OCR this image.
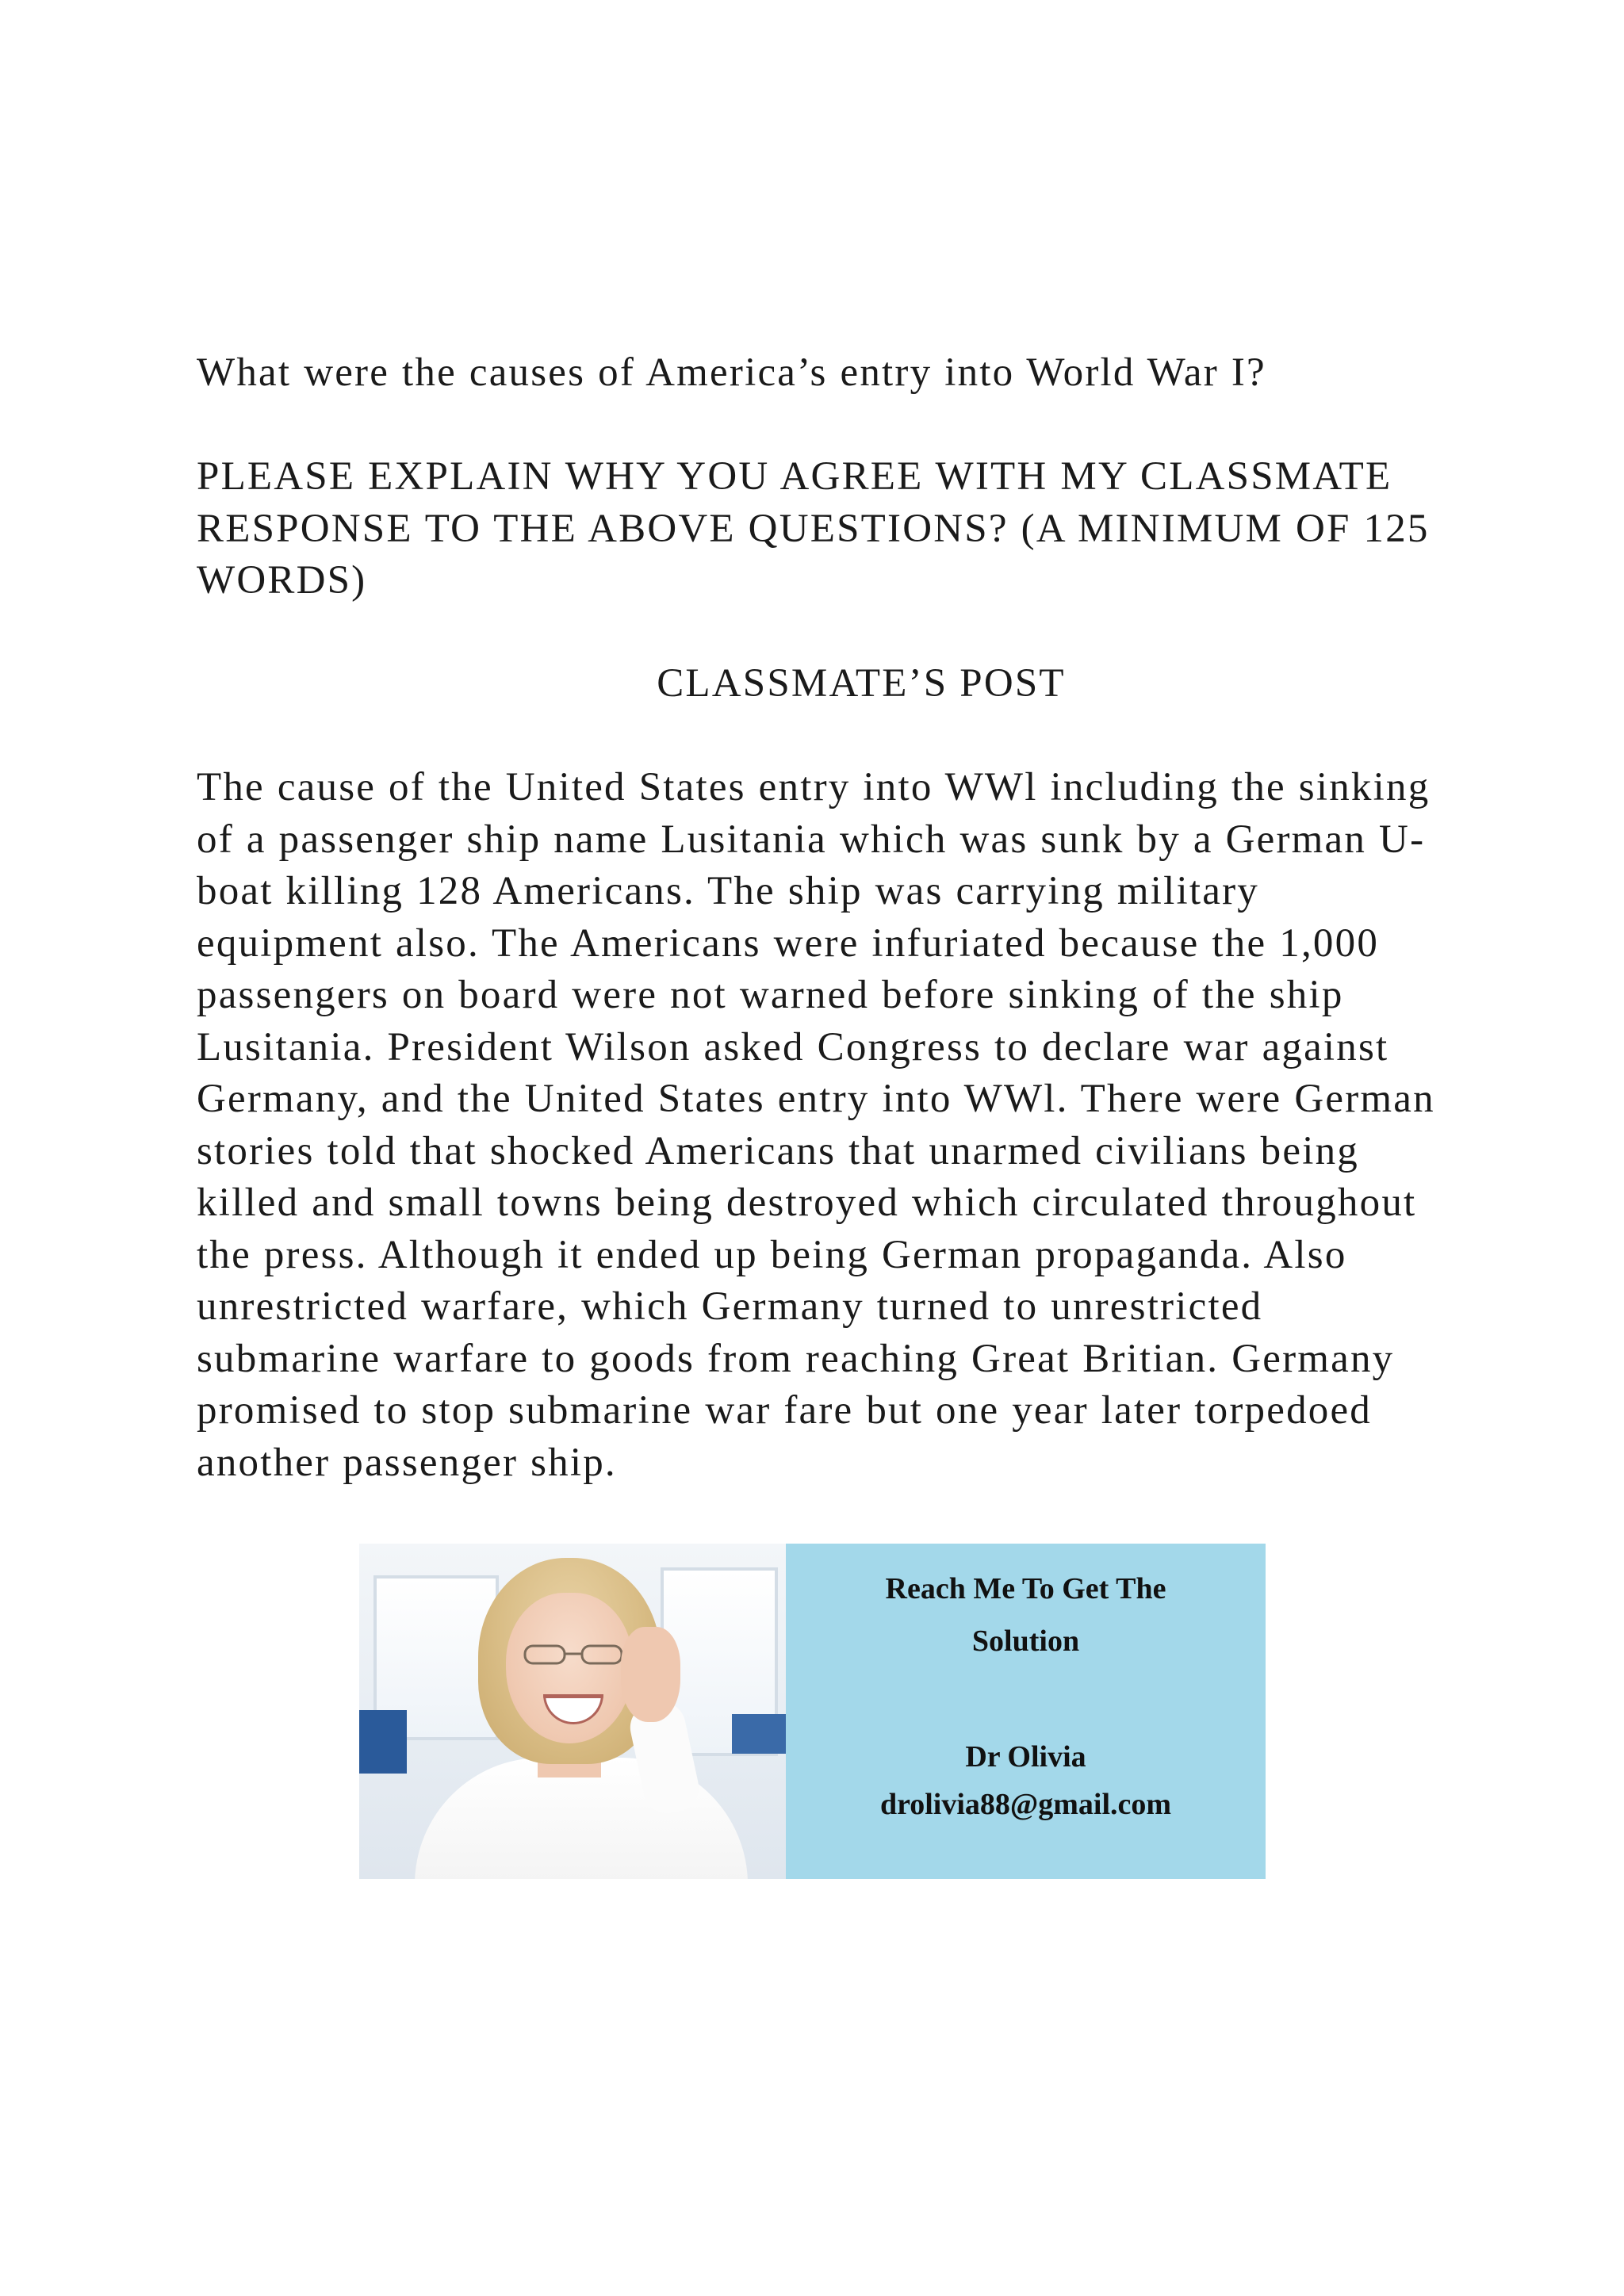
What were the causes of America’s entry into World War I?
PLEASE EXPLAIN WHY YOU AGREE WITH MY CLASSMATE RESPONSE TO THE ABOVE QUESTIONS? (A MINIMUM OF 125 WORDS)
CLASSMATE’S POST

The cause of the United States entry into WWl including the sinking of a passenger ship name Lusitania which was sunk by a German U-boat killing 128 Americans. The ship was carrying military equipment also. The Americans were infuriated because the 1,000 passengers on board were not warned before sinking of the ship Lusitania. President Wilson asked Congress to declare war against Germany, and the United States entry into WWl. There were German stories told that shocked Americans that unarmed civilians being killed and small towns being destroyed which circulated throughout the press. Although it ended up being German propaganda. Also unrestricted warfare, which Germany turned to unrestricted submarine warfare to goods from reaching Great Britian. Germany promised to stop submarine war fare but one year later torpedoed another passenger ship.

Reach Me To Get The
Solution
Dr Olivia
drolivia88@gmail.com
